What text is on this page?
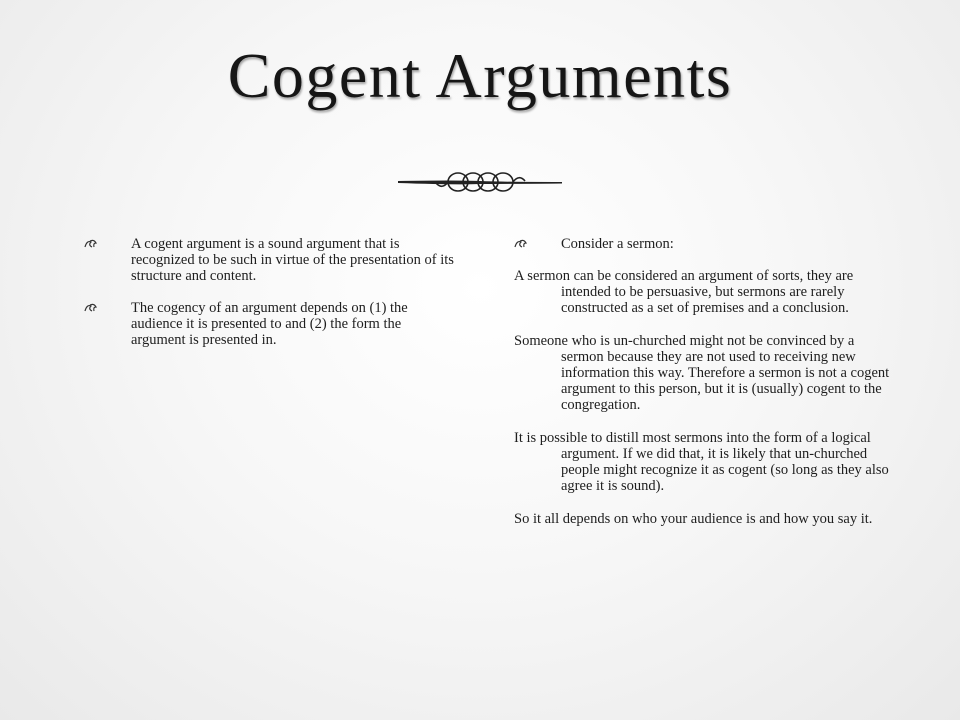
Cogent Arguments
A cogent argument is a sound argument that is recognized to be such in virtue of the presentation of its structure and content.
The cogency of an argument depends on (1) the audience it is presented to and (2) the form the argument is presented in.
Consider a sermon:

A sermon can be considered an argument of sorts, they are intended to be persuasive, but sermons are rarely constructed as a set of premises and a conclusion.

Someone who is un-churched might not be convinced by a sermon because they are not used to receiving new information this way. Therefore a sermon is not a cogent argument to this person, but it is (usually) cogent to the congregation.

It is possible to distill most sermons into the form of a logical argument. If we did that, it is likely that un-churched people might recognize it as cogent (so long as they also agree it is sound).

So it all depends on who your audience is and how you say it.
